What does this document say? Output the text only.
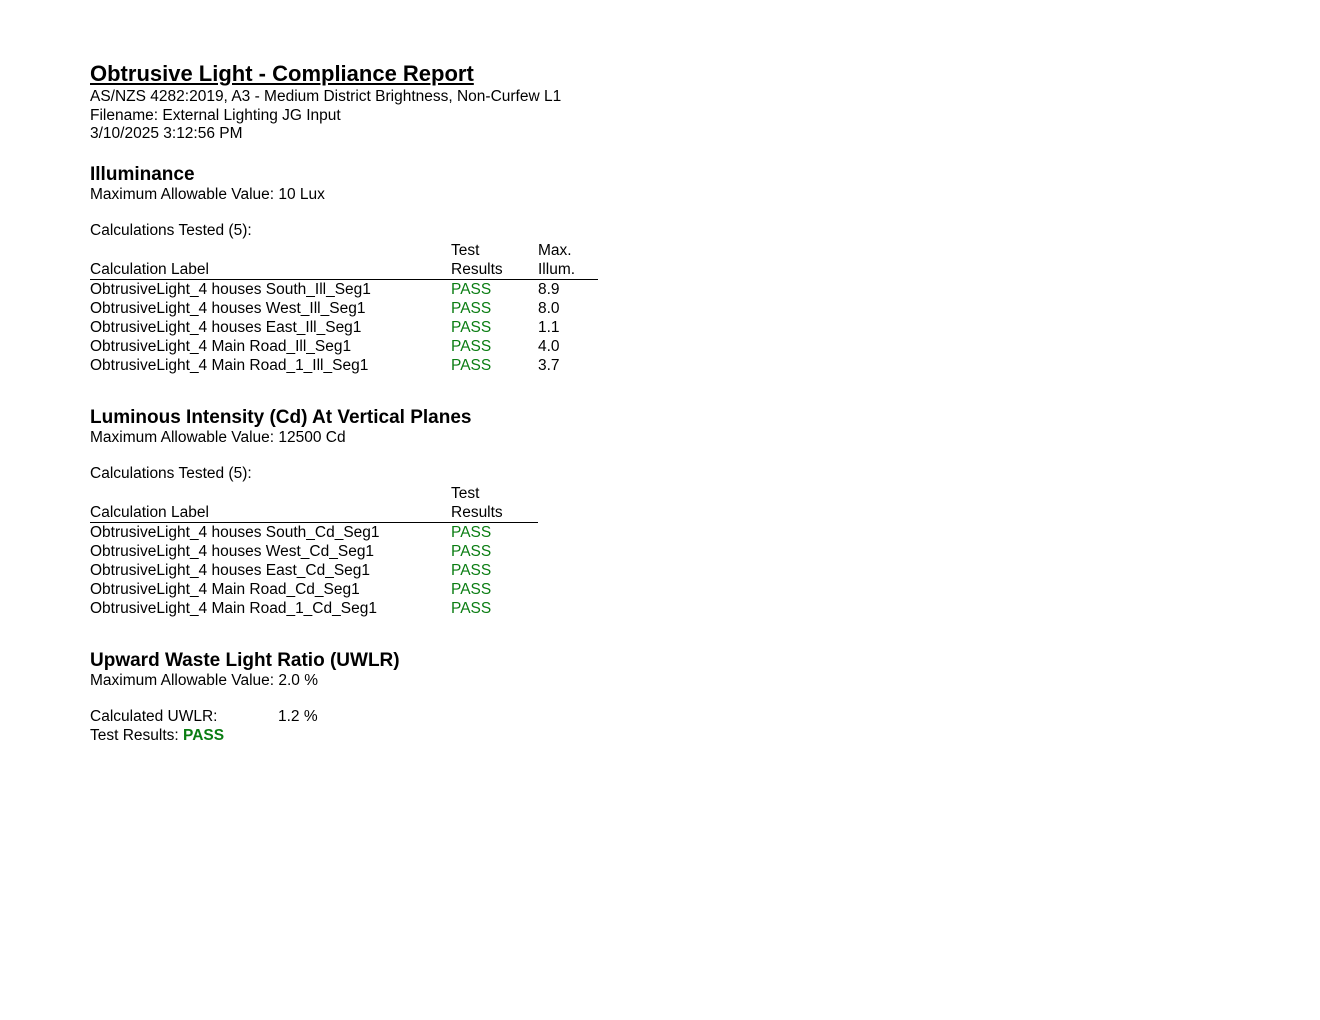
Obtrusive Light - Compliance Report
AS/NZS 4282:2019, A3 - Medium District Brightness, Non-Curfew L1
Filename: External Lighting JG Input
3/10/2025 3:12:56 PM
Illuminance
Maximum Allowable Value: 10 Lux
Calculations Tested (5):
	Test	Max.
Calculation Label	Results	Illum.
ObtrusiveLight_4 houses South_Ill_Seg1	PASS	8.9
ObtrusiveLight_4 houses West_Ill_Seg1	PASS	8.0
ObtrusiveLight_4 houses East_Ill_Seg1	PASS	1.1
ObtrusiveLight_4 Main Road_Ill_Seg1	PASS	4.0
ObtrusiveLight_4 Main Road_1_Ill_Seg1	PASS	3.7
Luminous Intensity (Cd) At Vertical Planes
Maximum Allowable Value: 12500 Cd
Calculations Tested (5):
	Test
Calculation Label	Results
ObtrusiveLight_4 houses South_Cd_Seg1	PASS
ObtrusiveLight_4 houses West_Cd_Seg1	PASS
ObtrusiveLight_4 houses East_Cd_Seg1	PASS
ObtrusiveLight_4 Main Road_Cd_Seg1	PASS
ObtrusiveLight_4 Main Road_1_Cd_Seg1	PASS
Upward Waste Light Ratio (UWLR)
Maximum Allowable Value: 2.0 %
Calculated UWLR:	1.2 %
Test Results: PASS
